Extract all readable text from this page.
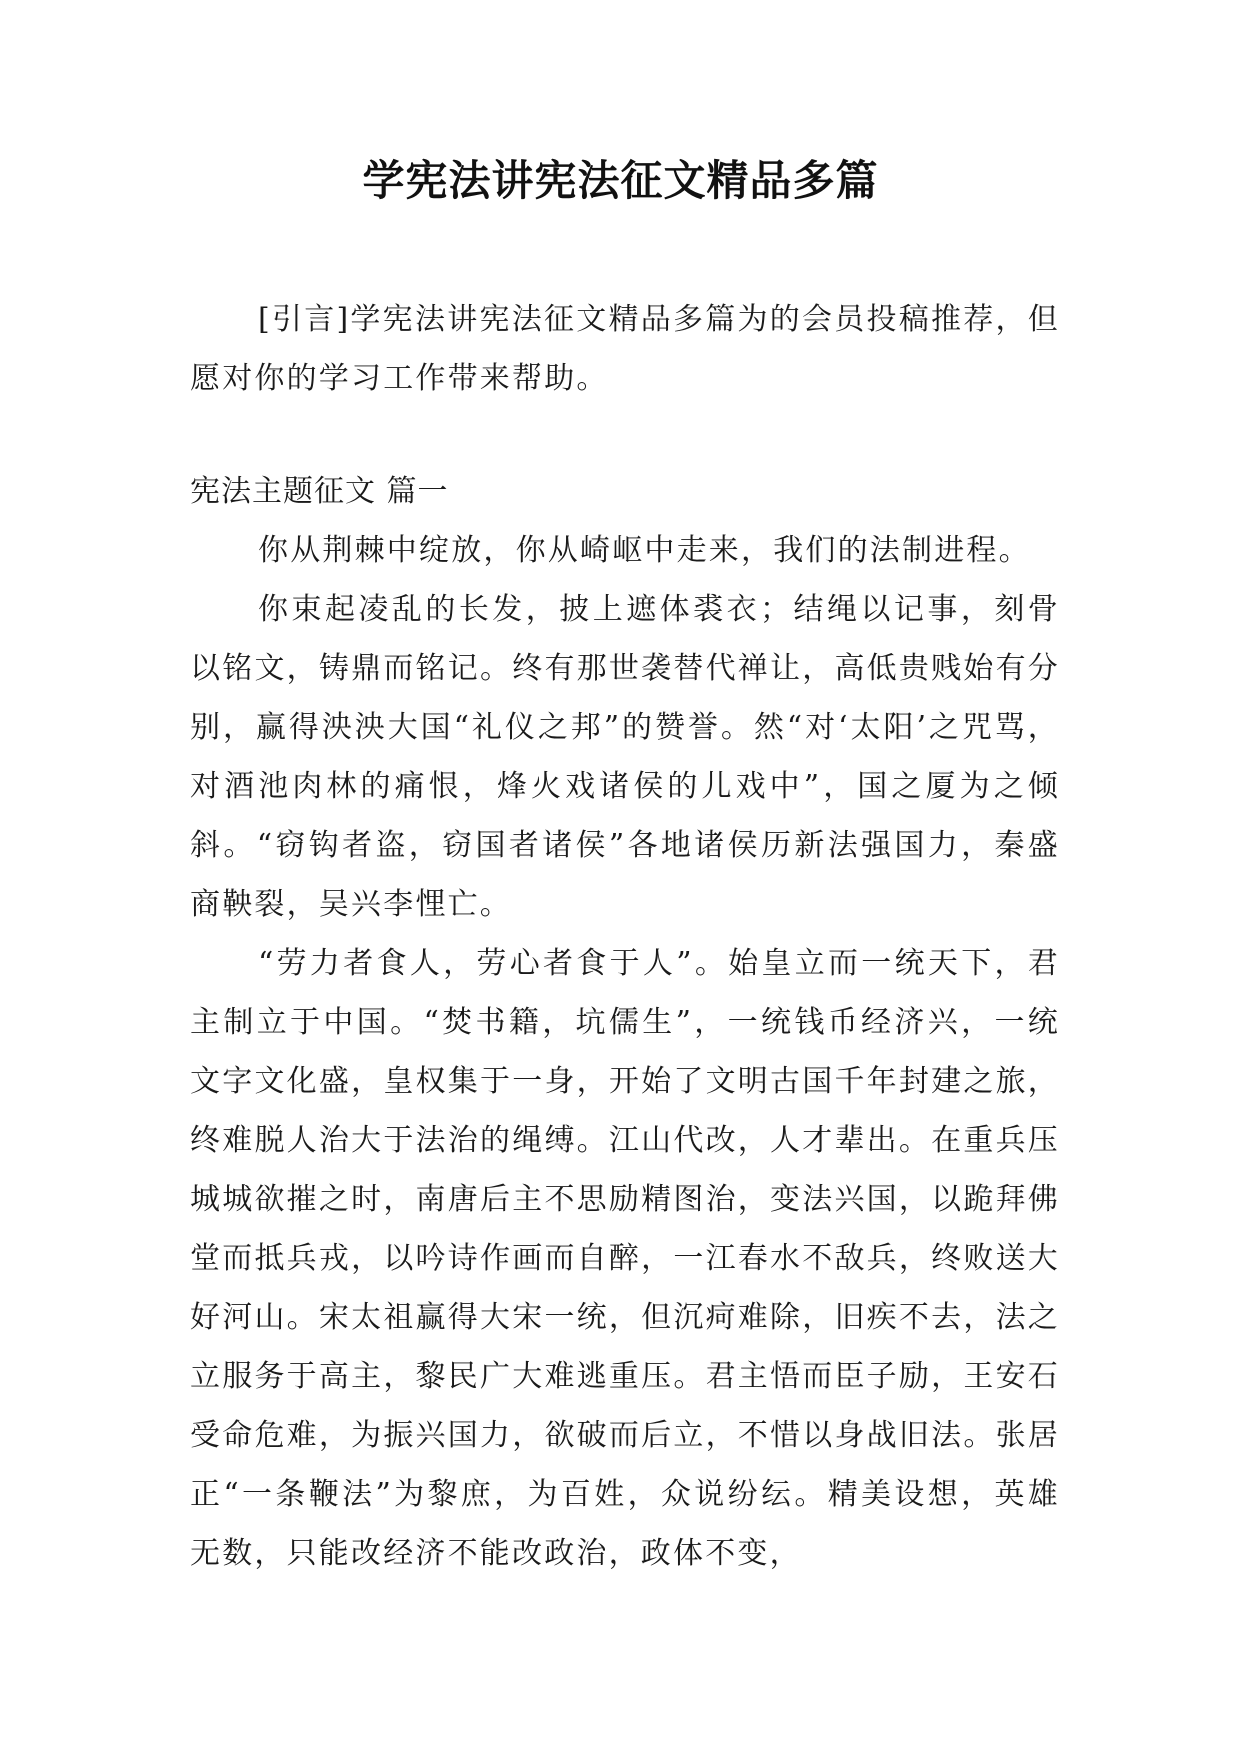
学宪法讲宪法征文精品多篇

[引言]学宪法讲宪法征文精品多篇为的会员投稿推荐，但愿对你的学习工作带来帮助。

宪法主题征文 篇一

你从荆棘中绽放，你从崎岖中走来，我们的法制进程。

你束起凌乱的长发，披上遮体裘衣；结绳以记事，刻骨以铭文，铸鼎而铭记。终有那世袭替代禅让，高低贵贱始有分别，赢得泱泱大国“礼仪之邦”的赞誉。然“对‘太阳’之咒骂，对酒池肉林的痛恨，烽火戏诸侯的儿戏中”，国之厦为之倾斜。“窃钩者盗，窃国者诸侯”各地诸侯历新法强国力，秦盛商鞅裂，吴兴李悝亡。

“劳力者食人，劳心者食于人”。始皇立而一统天下，君主制立于中国。“焚书籍，坑儒生”，一统钱币经济兴，一统文字文化盛，皇权集于一身，开始了文明古国千年封建之旅，终难脱人治大于法治的绳缚。江山代改，人才辈出。在重兵压城城欲摧之时，南唐后主不思励精图治，变法兴国，以跪拜佛堂而抵兵戎，以吟诗作画而自醉，一江春水不敌兵，终败送大好河山。宋太祖赢得大宋一统，但沉疴难除，旧疾不去，法之立服务于高主，黎民广大难逃重压。君主悟而臣子励，王安石受命危难，为振兴国力，欲破而后立，不惜以身战旧法。张居正“一条鞭法”为黎庶，为百姓，众说纷纭。精美设想，英雄无数，只能改经济不能改政治，政体不变，
